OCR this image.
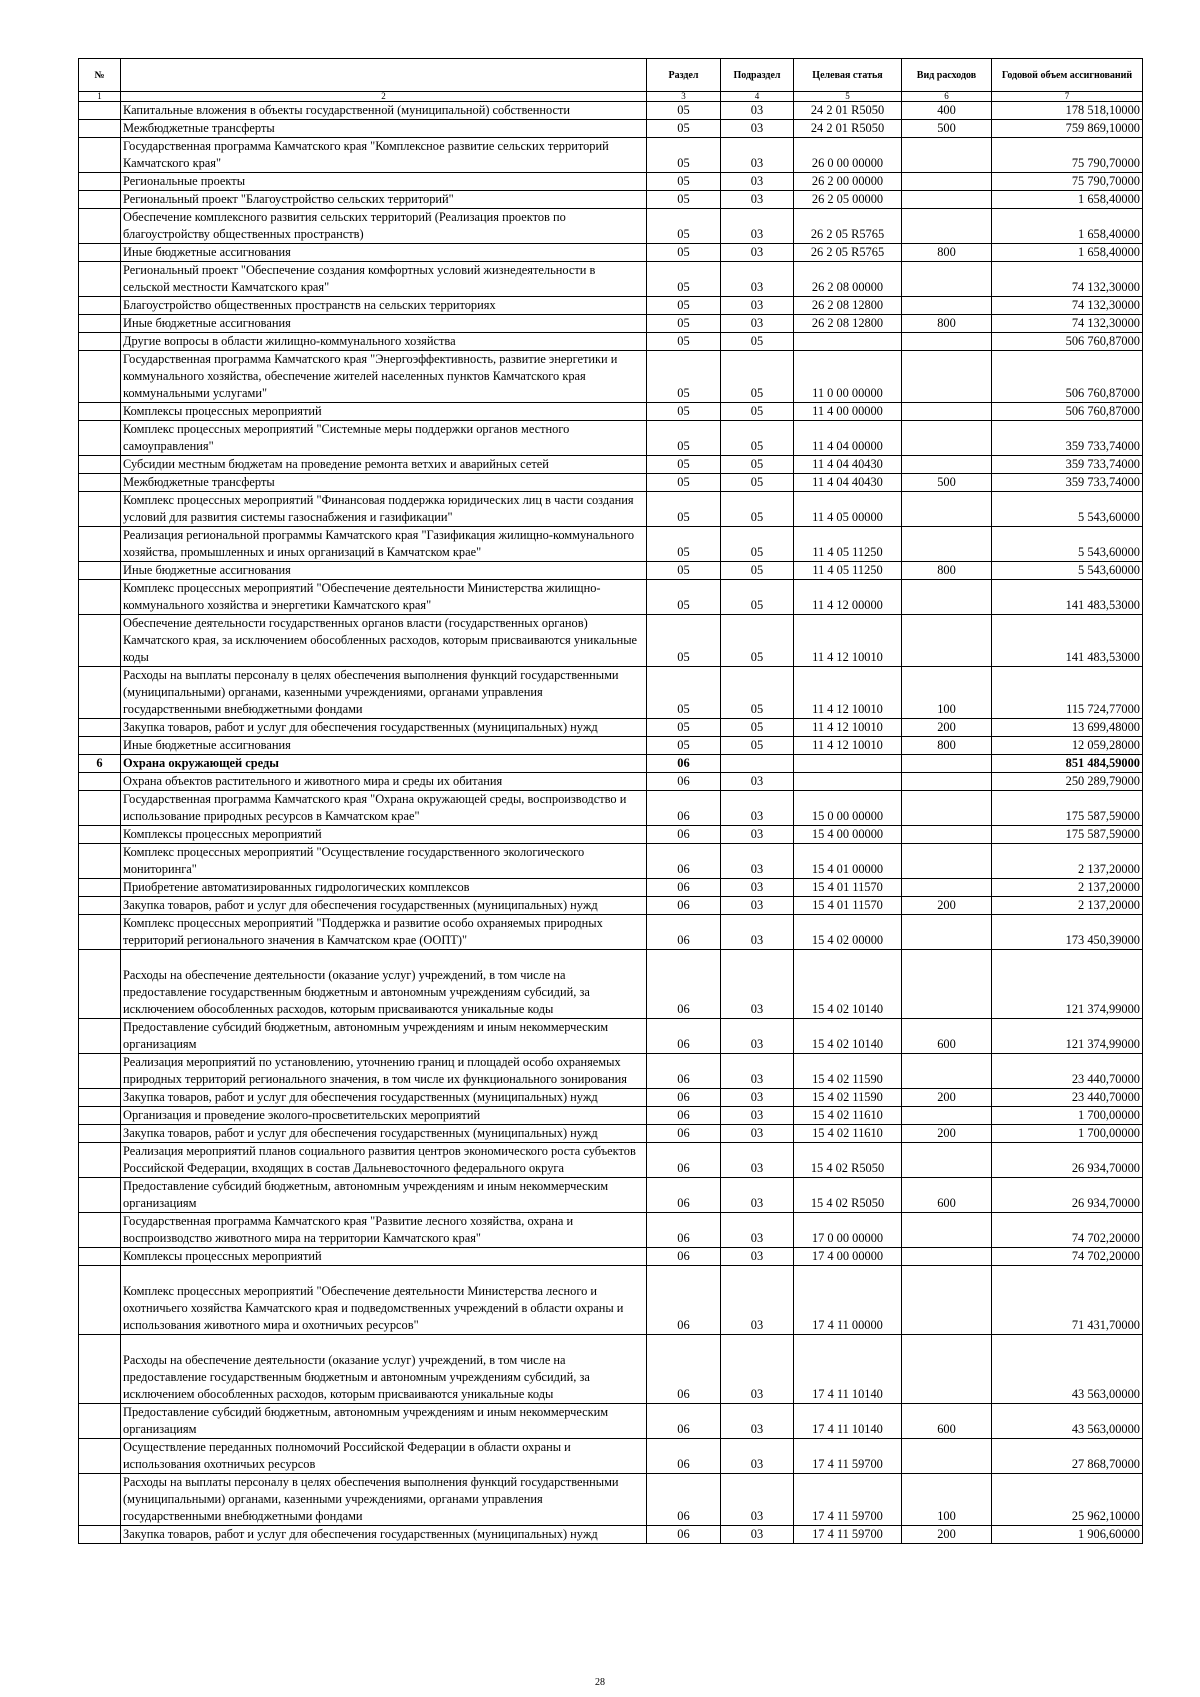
№		Раздел	Подраздел	Целевая статья	Вид расходов	Годовой объем ассигнований
1	2	3	4	5	6	7
	Капитальные вложения в объекты государственной (муниципальной) собственности	05	03	24 2 01 R5050	400	178 518,10000
	Межбюджетные трансферты	05	03	24 2 01 R5050	500	759 869,10000
	Государственная программа Камчатского края "Комплексное развитие сельских территорий Камчатского края"	05	03	26 0 00 00000		75 790,70000
	Региональные проекты	05	03	26 2 00 00000		75 790,70000
	Региональный проект "Благоустройство сельских территорий"	05	03	26 2 05 00000		1 658,40000
	Обеспечение комплексного развития сельских территорий (Реализация проектов по благоустройству общественных пространств)	05	03	26 2 05 R5765		1 658,40000
	Иные бюджетные ассигнования	05	03	26 2 05 R5765	800	1 658,40000
	Региональный проект "Обеспечение создания комфортных условий жизнедеятельности в сельской местности Камчатского края"	05	03	26 2 08 00000		74 132,30000
	Благоустройство общественных пространств на сельских территориях	05	03	26 2 08 12800		74 132,30000
	Иные бюджетные ассигнования	05	03	26 2 08 12800	800	74 132,30000
	Другие вопросы в области жилищно-коммунального хозяйства	05	05			506 760,87000
	Государственная программа Камчатского края "Энергоэффективность, развитие энергетики и коммунального хозяйства, обеспечение жителей населенных пунктов Камчатского края коммунальными услугами"	05	05	11 0 00 00000		506 760,87000
	Комплексы процессных мероприятий	05	05	11 4 00 00000		506 760,87000
	Комплекс процессных мероприятий "Системные меры поддержки органов местного самоуправления"	05	05	11 4 04 00000		359 733,74000
	Субсидии местным бюджетам на проведение ремонта ветхих и аварийных сетей	05	05	11 4 04 40430		359 733,74000
	Межбюджетные трансферты	05	05	11 4 04 40430	500	359 733,74000
	Комплекс процессных мероприятий "Финансовая поддержка юридических лиц в части создания условий для развития системы газоснабжения и газификации"	05	05	11 4 05 00000		5 543,60000
	Реализация региональной программы Камчатского края "Газификация жилищно-коммунального хозяйства, промышленных и иных организаций в Камчатском крае"	05	05	11 4 05 11250		5 543,60000
	Иные бюджетные ассигнования	05	05	11 4 05 11250	800	5 543,60000
	Комплекс процессных мероприятий "Обеспечение деятельности Министерства жилищно-коммунального хозяйства и энергетики Камчатского края"	05	05	11 4 12 00000		141 483,53000
	Обеспечение деятельности государственных органов власти (государственных органов) Камчатского края, за исключением обособленных расходов, которым присваиваются уникальные коды	05	05	11 4 12 10010		141 483,53000
	Расходы на выплаты персоналу в целях обеспечения выполнения функций государственными (муниципальными) органами, казенными учреждениями, органами управления государственными внебюджетными фондами	05	05	11 4 12 10010	100	115 724,77000
	Закупка товаров, работ и услуг для обеспечения государственных (муниципальных) нужд	05	05	11 4 12 10010	200	13 699,48000
	Иные бюджетные ассигнования	05	05	11 4 12 10010	800	12 059,28000
6	Охрана окружающей среды	06				851 484,59000
	Охрана объектов растительного и животного мира и среды их обитания	06	03			250 289,79000
	Государственная программа Камчатского края "Охрана окружающей среды, воспроизводство и использование природных ресурсов в Камчатском крае"	06	03	15 0 00 00000		175 587,59000
	Комплексы процессных мероприятий	06	03	15 4 00 00000		175 587,59000
	Комплекс процессных мероприятий "Осуществление государственного экологического мониторинга"	06	03	15 4 01 00000		2 137,20000
	Приобретение автоматизированных гидрологических комплексов	06	03	15 4 01 11570		2 137,20000
	Закупка товаров, работ и услуг для обеспечения государственных (муниципальных) нужд	06	03	15 4 01 11570	200	2 137,20000
	Комплекс процессных мероприятий "Поддержка и развитие особо охраняемых природных территорий регионального значения в Камчатском крае (ООПТ)"	06	03	15 4 02 00000		173 450,39000
	Расходы на обеспечение деятельности (оказание услуг) учреждений, в том числе на предоставление государственным бюджетным и автономным учреждениям субсидий, за исключением обособленных расходов, которым присваиваются уникальные коды	06	03	15 4 02 10140		121 374,99000
	Предоставление субсидий бюджетным, автономным учреждениям и иным некоммерческим организациям	06	03	15 4 02 10140	600	121 374,99000
	Реализация мероприятий по установлению, уточнению границ и площадей особо охраняемых природных территорий регионального значения, в том числе их функционального зонирования	06	03	15 4 02 11590		23 440,70000
	Закупка товаров, работ и услуг для обеспечения государственных (муниципальных) нужд	06	03	15 4 02 11590	200	23 440,70000
	Организация и проведение эколого-просветительских мероприятий	06	03	15 4 02 11610		1 700,00000
	Закупка товаров, работ и услуг для обеспечения государственных (муниципальных) нужд	06	03	15 4 02 11610	200	1 700,00000
	Реализация мероприятий планов социального развития центров экономического роста субъектов Российской Федерации, входящих в состав Дальневосточного федерального округа	06	03	15 4 02 R5050		26 934,70000
	Предоставление субсидий бюджетным, автономным учреждениям и иным некоммерческим организациям	06	03	15 4 02 R5050	600	26 934,70000
	Государственная программа Камчатского края "Развитие лесного хозяйства, охрана и воспроизводство животного мира на территории Камчатского края"	06	03	17 0 00 00000		74 702,20000
	Комплексы процессных мероприятий	06	03	17 4 00 00000		74 702,20000
	Комплекс процессных мероприятий "Обеспечение деятельности Министерства лесного и охотничьего хозяйства Камчатского края и подведомственных учреждений в области охраны и использования животного мира и охотничьих ресурсов"	06	03	17 4 11 00000		71 431,70000
	Расходы на обеспечение деятельности (оказание услуг) учреждений, в том числе на предоставление государственным бюджетным и автономным учреждениям субсидий, за исключением обособленных расходов, которым присваиваются уникальные коды	06	03	17 4 11 10140		43 563,00000
	Предоставление субсидий бюджетным, автономным учреждениям и иным некоммерческим организациям	06	03	17 4 11 10140	600	43 563,00000
	Осуществление переданных полномочий Российской Федерации в области охраны и использования охотничьих ресурсов	06	03	17 4 11 59700		27 868,70000
	Расходы на выплаты персоналу в целях обеспечения выполнения функций государственными (муниципальными) органами, казенными учреждениями, органами управления государственными внебюджетными фондами	06	03	17 4 11 59700	100	25 962,10000
	Закупка товаров, работ и услуг для обеспечения государственных (муниципальных) нужд	06	03	17 4 11 59700	200	1 906,60000
28
